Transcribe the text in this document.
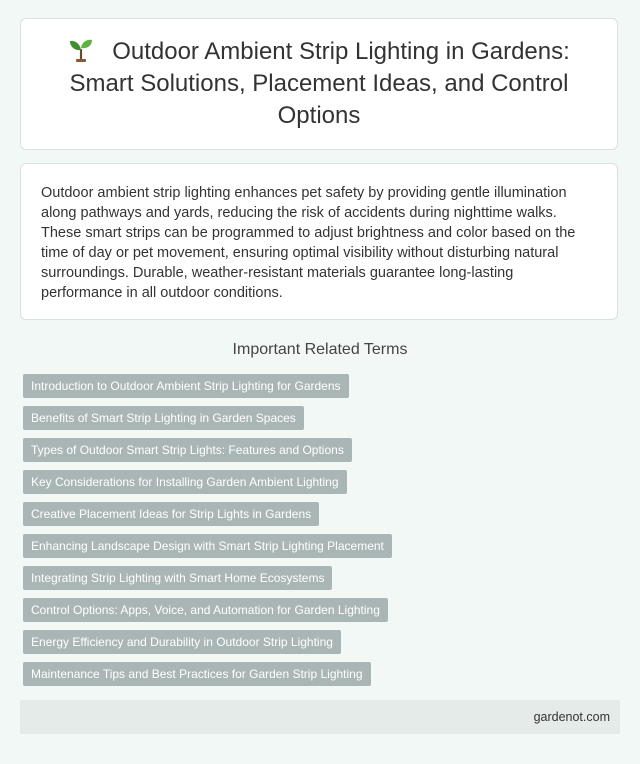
Outdoor Ambient Strip Lighting in Gardens: Smart Solutions, Placement Ideas, and Control Options

Outdoor ambient strip lighting enhances pet safety by providing gentle illumination along pathways and yards, reducing the risk of accidents during nighttime walks. These smart strips can be programmed to adjust brightness and color based on the time of day or pet movement, ensuring optimal visibility without disturbing natural surroundings. Durable, weather-resistant materials guarantee long-lasting performance in all outdoor conditions.

Important Related Terms
Introduction to Outdoor Ambient Strip Lighting for Gardens
Benefits of Smart Strip Lighting in Garden Spaces
Types of Outdoor Smart Strip Lights: Features and Options
Key Considerations for Installing Garden Ambient Lighting
Creative Placement Ideas for Strip Lights in Gardens
Enhancing Landscape Design with Smart Strip Lighting Placement
Integrating Strip Lighting with Smart Home Ecosystems
Control Options: Apps, Voice, and Automation for Garden Lighting
Energy Efficiency and Durability in Outdoor Strip Lighting
Maintenance Tips and Best Practices for Garden Strip Lighting
gardenot.com
